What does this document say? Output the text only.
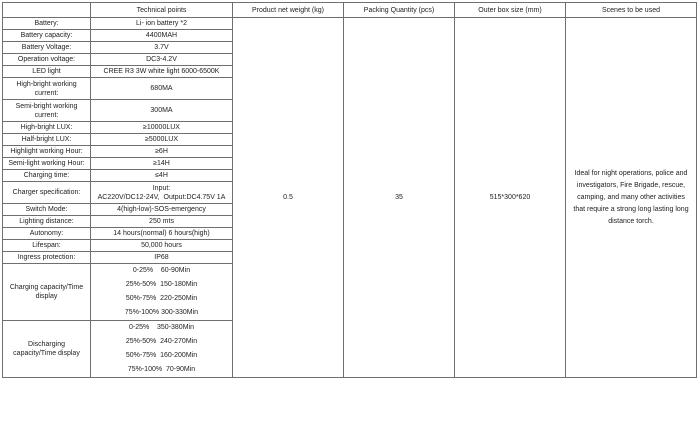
	Technical points	Product net weight (kg)	Packing Quantity (pcs)	Outer box size (mm)	Scenes to be used

Battery:	Li- ion battery *2	0.5	35	515*300*620	Ideal for night operations, police and
investigators, Fire Brigade, rescue,
camping, and many other activities
that require a strong long lasting long
distance torch.

Battery capacity:	4400MAH				

Battery Voltage:	3.7V				

Operation voltage:	DC3-4.2V				

LED light	CREE R3 3W white light 6000-6500K				

High-bright working
current:	680MA				

Semi-bright working
current:	300MA				

High-bright LUX:	≥10000LUX				

Half-bright LUX:	≥5000LUX				

Highlight working Hour:	≥6H				

Semi-light working Hour:	≥14H				

Charging time:	≤4H				

Charger specification:	Input:
AC220V/DC12-24V,  Output:DC4.75V 1A				

Switch Mode:	4(high-low)-SOS-emergency				

Lighting distance:	250 mts				

Autonomy:	14 hours(normal) 6 hours(high)				

Lifespan:	50,000 hours				

Ingress protection:	IP68				

Charging capacity/Time
display	0-25%    60-90Min
25%-50%  150-180Min
50%-75%  220-250Min
75%-100% 300-330Min				

Discharging
capacity/Time display	0-25%    350-380Min
25%-50%  240-270Min
50%-75%  160-200Min
75%-100%  70-90Min				
